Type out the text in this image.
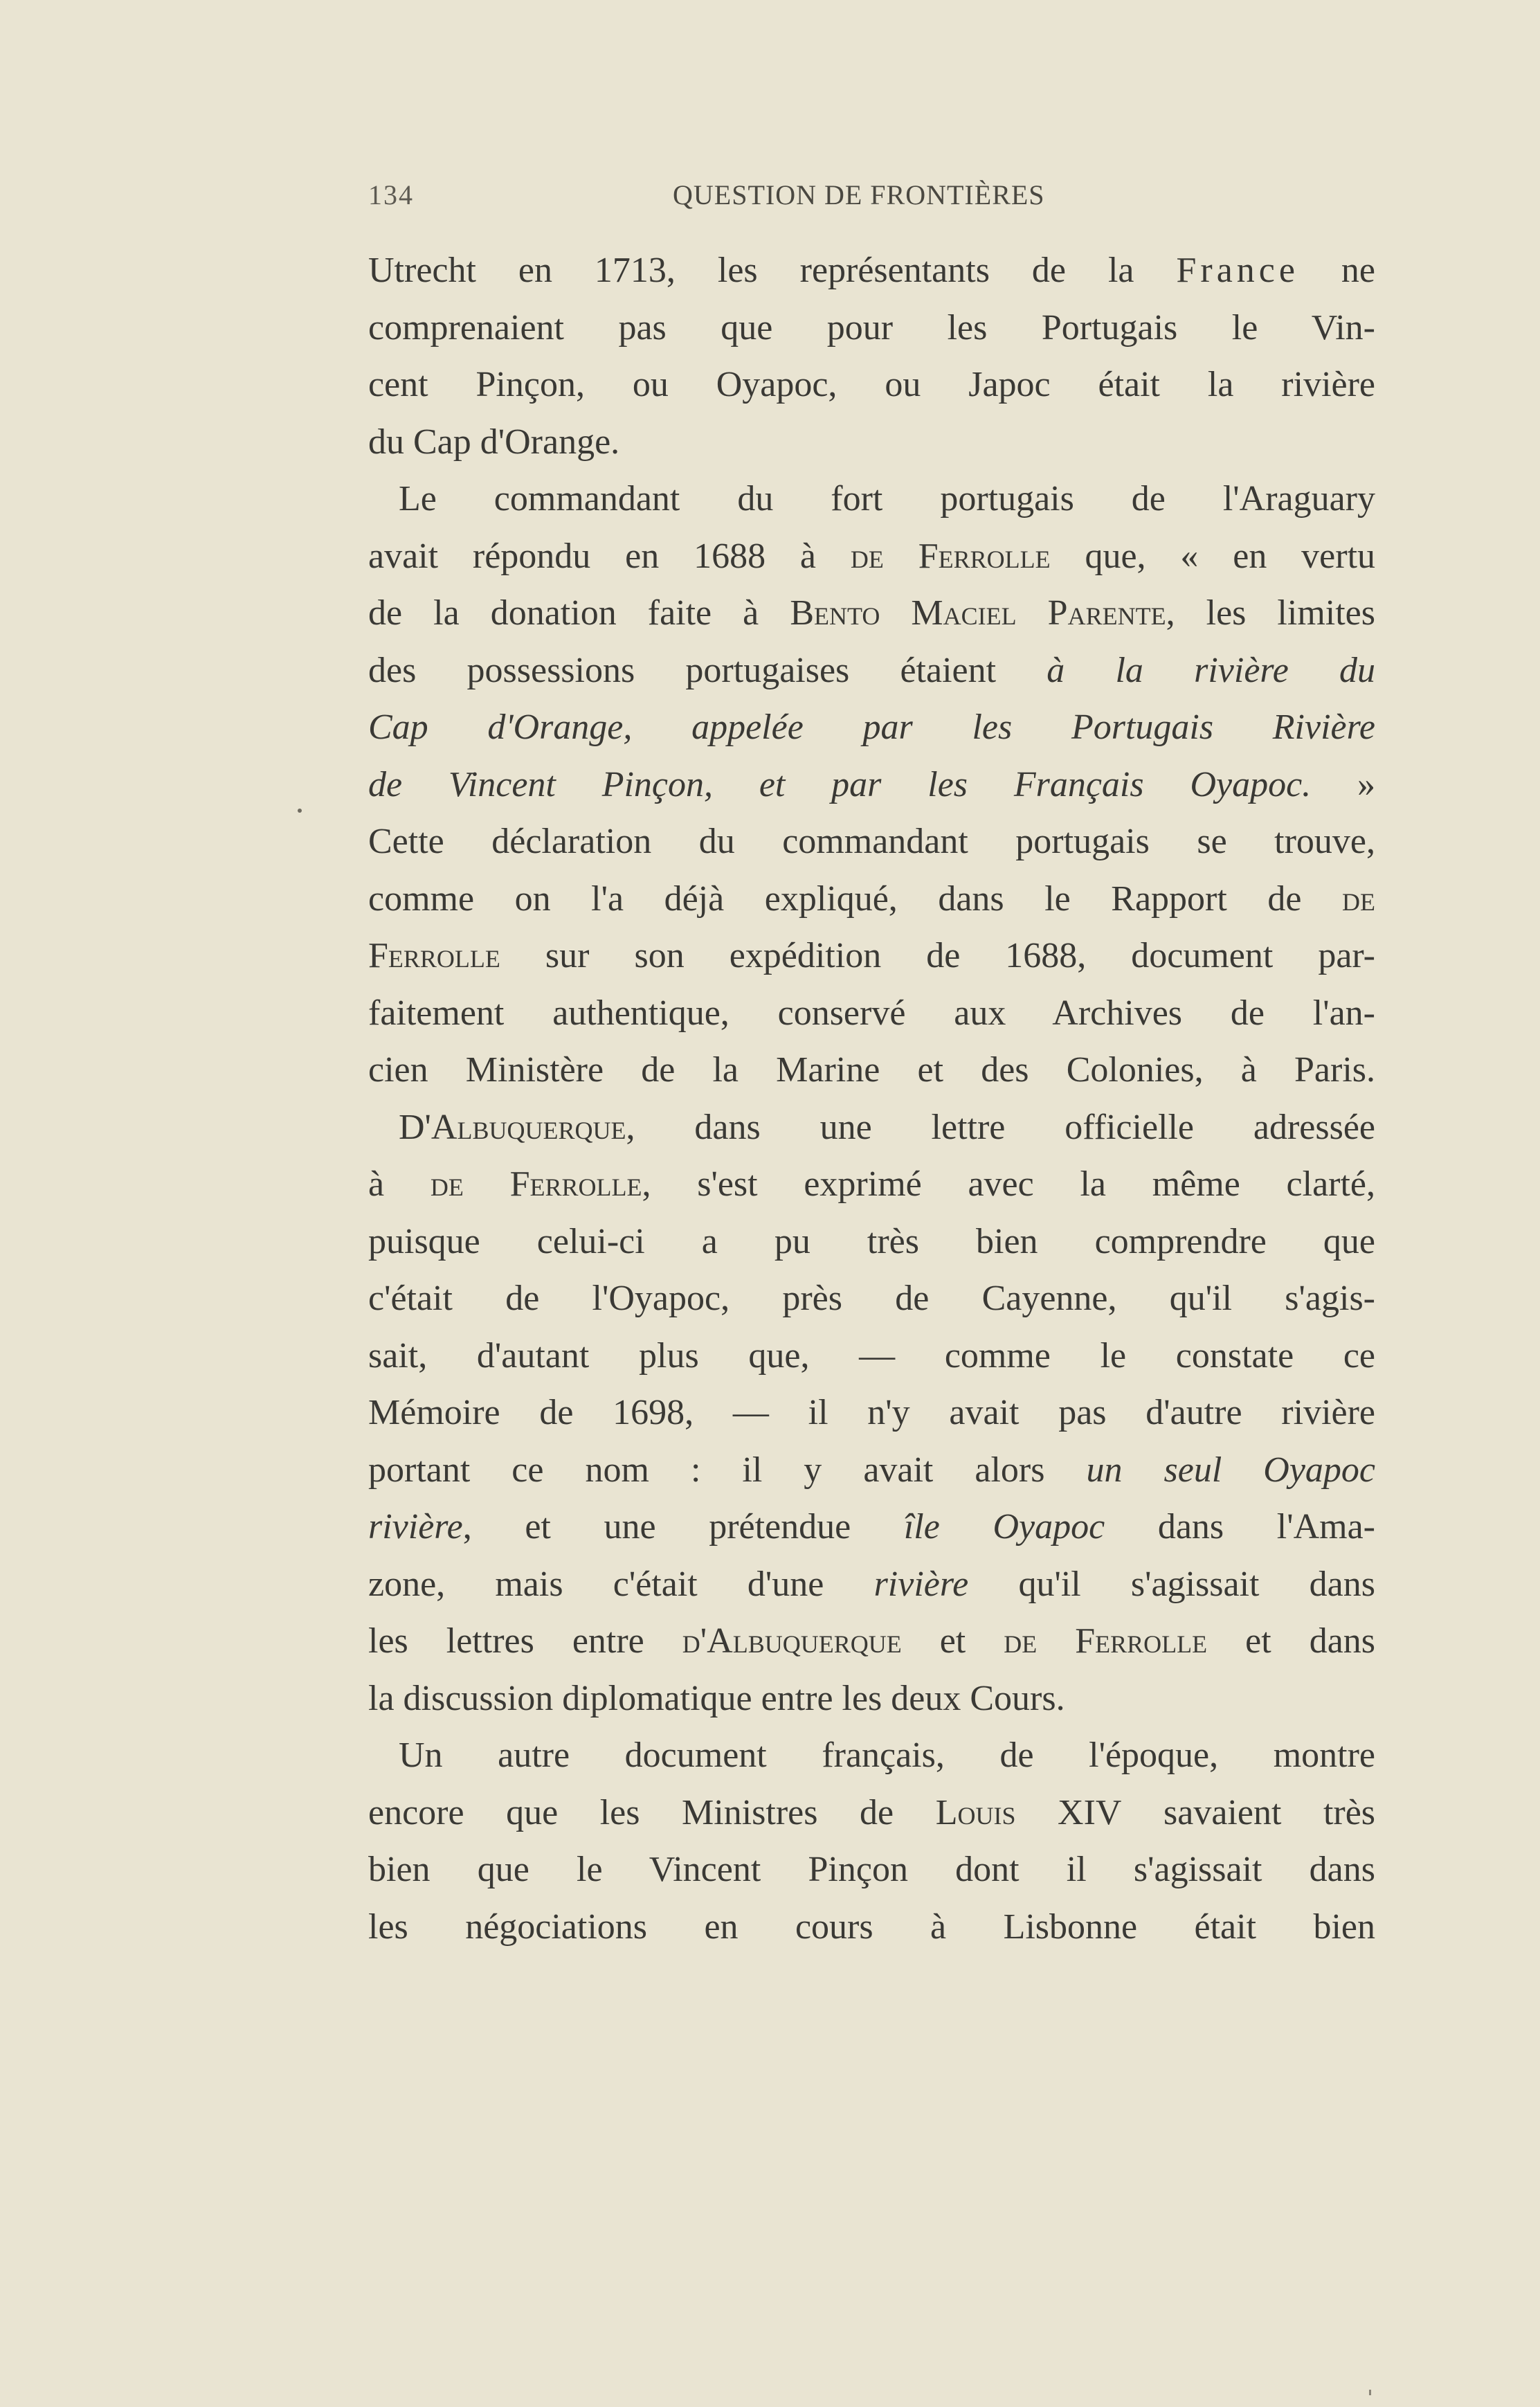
134	QUESTION DE FRONTIÈRES
Utrecht en 1713, les représentants de la France ne
comprenaient pas que pour les Portugais le Vin-
cent Pinçon, ou Oyapoc, ou Japoc était la rivière
du Cap d'Orange.
Le commandant du fort portugais de l'Araguary
avait répondu en 1688 à de Ferrolle que, « en vertu
de la donation faite à Bento Maciel Parente, les limites
des possessions portugaises étaient à la rivière du
Cap d'Orange, appelée par les Portugais Rivière
de Vincent Pinçon, et par les Français Oyapoc. »
Cette déclaration du commandant portugais se trouve,
comme on l'a déjà expliqué, dans le Rapport de de
Ferrolle sur son expédition de 1688, document par-
faitement authentique, conservé aux Archives de l'an-
cien Ministère de la Marine et des Colonies, à Paris.
D'Albuquerque, dans une lettre officielle adressée
à de Ferrolle, s'est exprimé avec la même clarté,
puisque celui-ci a pu très bien comprendre que
c'était de l'Oyapoc, près de Cayenne, qu'il s'agis-
sait, d'autant plus que, — comme le constate ce
Mémoire de 1698, — il n'y avait pas d'autre rivière
portant ce nom : il y avait alors un seul Oyapoc
rivière, et une prétendue île Oyapoc dans l'Ama-
zone, mais c'était d'une rivière qu'il s'agissait dans
les lettres entre d'Albuquerque et de Ferrolle et dans
la discussion diplomatique entre les deux Cours.
Un autre document français, de l'époque, montre
encore que les Ministres de Louis XIV savaient très
bien que le Vincent Pinçon dont il s'agissait dans
les négociations en cours à Lisbonne était bien
